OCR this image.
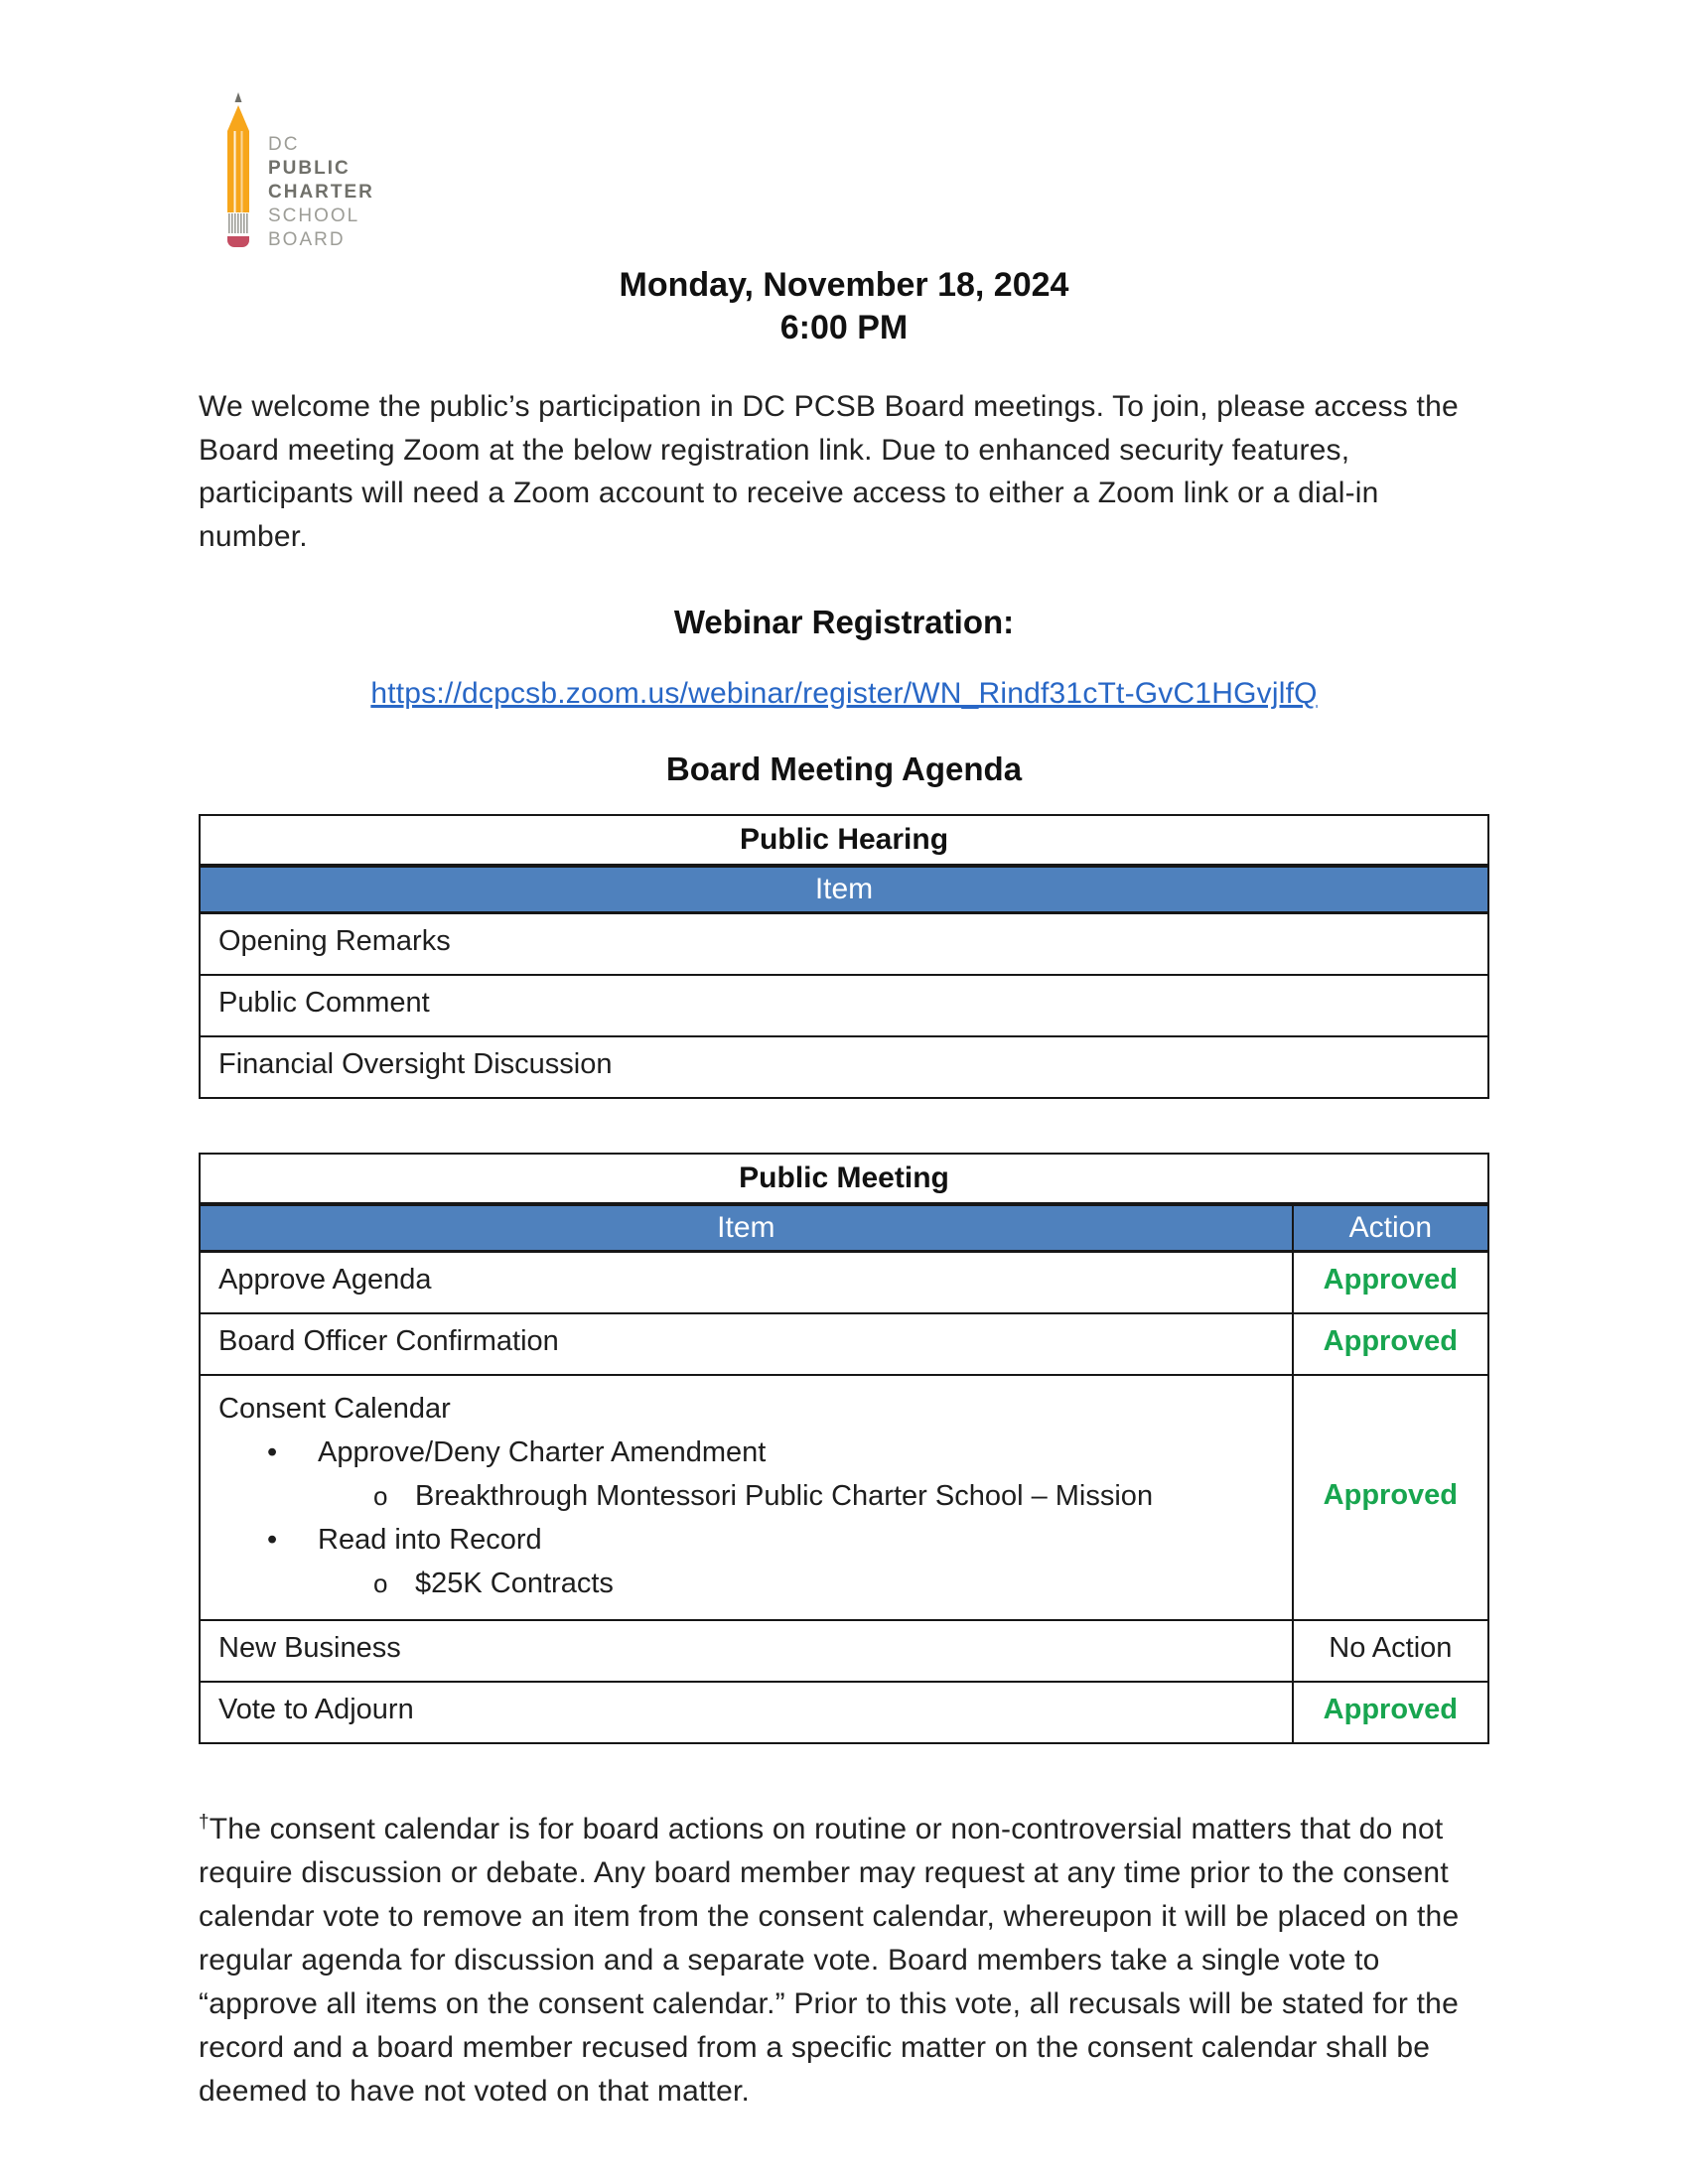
DC
PUBLIC
CHARTER
SCHOOL
BOARD
Monday, November 18, 2024
6:00 PM

We welcome the public’s participation in DC PCSB Board meetings. To join, please access the Board meeting Zoom at the below registration link. Due to enhanced security features, participants will need a Zoom account to receive access to either a Zoom link or a dial-in number.

Webinar Registration:
https://dcpcsb.zoom.us/webinar/register/WN_Rindf31cTt-GvC1HGvjlfQ
Board Meeting Agenda
Public Hearing
Item
Opening Remarks
Public Comment
Financial Oversight Discussion
Public Meeting	
Item	Action
Approve Agenda	Approved
Board Officer Confirmation	Approved

Consent Calendar
• Approve/Deny Charter Amendment
o Breakthrough Montessori Public Charter School – Mission
• Read into Record
o $25K Contracts	Approved
New Business	No Action
Vote to Adjourn	Approved

†The consent calendar is for board actions on routine or non-controversial matters that do not require discussion or debate. Any board member may request at any time prior to the consent calendar vote to remove an item from the consent calendar, whereupon it will be placed on the regular agenda for discussion and a separate vote. Board members take a single vote to “approve all items on the consent calendar.” Prior to this vote, all recusals will be stated for the record and a board member recused from a specific matter on the consent calendar shall be deemed to have not voted on that matter.
